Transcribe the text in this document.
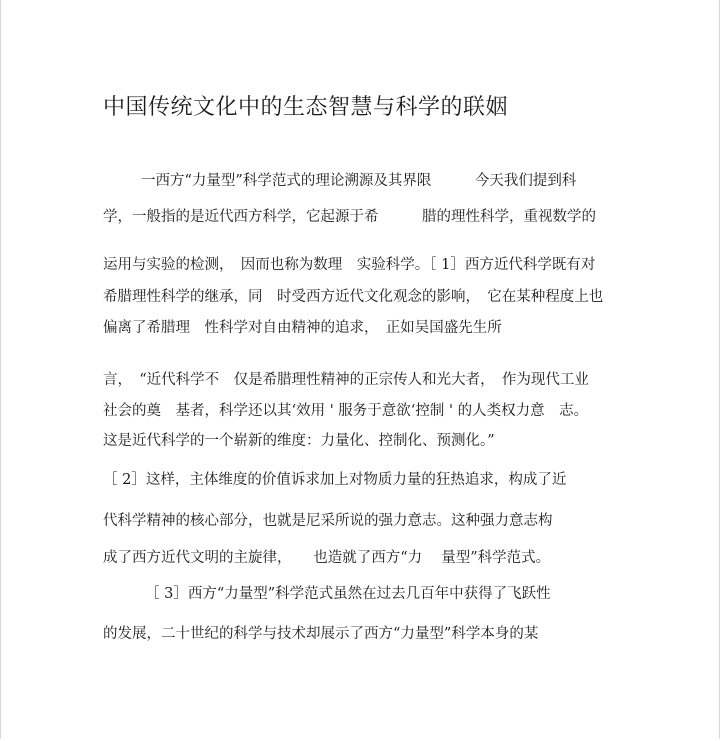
中国传统文化中的生态智慧与科学的联姻
一西方“力量型”科学范式的理论溯源及其界限　　　今天我们提到科
学，一般指的是近代西方科学，它起源于希　　　腊的理性科学，重视数学的
运用与实验的检测，　因而也称为数理　实验科学。［ 1］西方近代科学既有对
希腊理性科学的继承，同　时受西方近代文化观念的影响，　它在某种程度上也
偏离了希腊理　性科学对自由精神的追求，　正如吴国盛先生所
言，　“近代科学不　仅是希腊理性精神的正宗传人和光大者，　作为现代工业
社会的奠　基者，科学还以其‘效用 ' 服务于意欲‘控制 ' 的人类权力意　志。
这是近代科学的一个崭新的维度：力量化、控制化、预测化。”
［ 2］这样，主体维度的价值诉求加上对物质力量的狂热追求，构成了近
代科学精神的核心部分，也就是尼采所说的强力意志。这种强力意志构
成了西方近代文明的主旋律，　　也造就了西方“力　 量型”科学范式。
［ 3］西方“力量型”科学范式虽然在过去几百年中获得了飞跃性
的发展，二十世纪的科学与技术却展示了西方“力量型”科学本身的某
